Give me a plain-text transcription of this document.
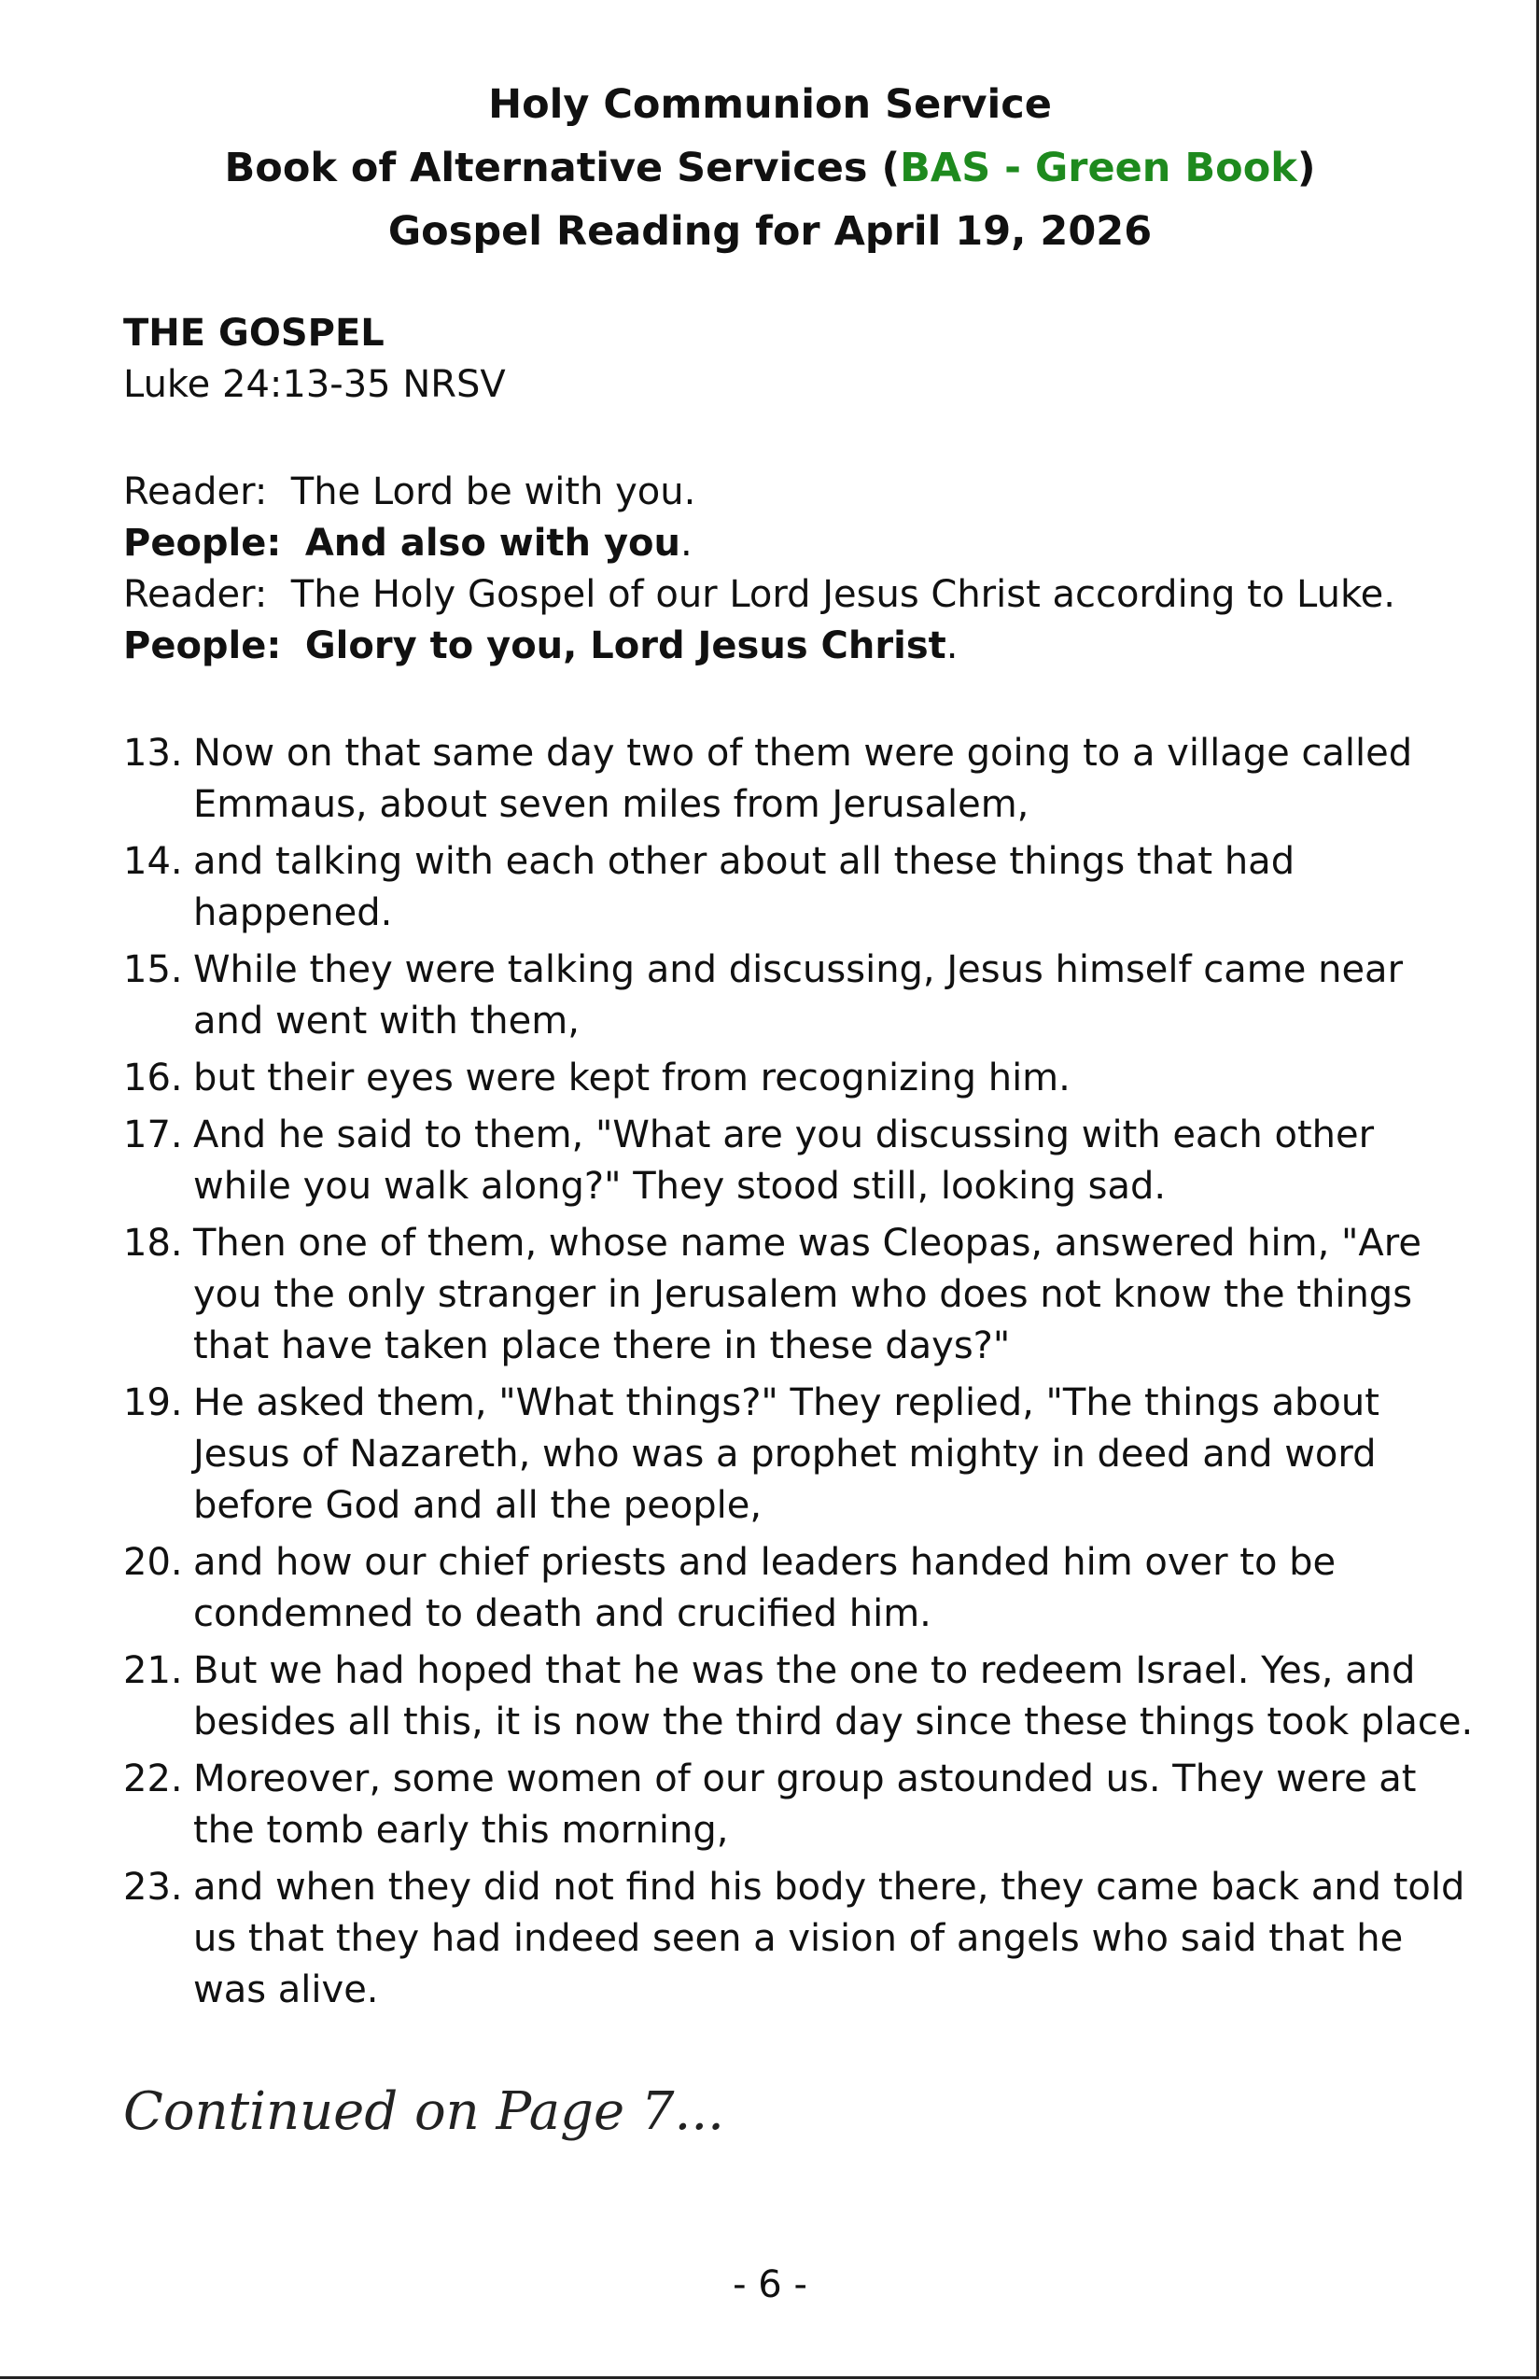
Holy Communion Service
Book of Alternative Services (BAS - Green Book)
Gospel Reading for April 19, 2026
THE GOSPEL
Luke 24:13-35 NRSV
Reader: The Lord be with you.
People: And also with you.
Reader: The Holy Gospel of our Lord Jesus Christ according to Luke.
People: Glory to you, Lord Jesus Christ.
13. Now on that same day two of them were going to a village called Emmaus, about seven miles from Jerusalem,
14. and talking with each other about all these things that had happened.
15. While they were talking and discussing, Jesus himself came near and went with them,
16. but their eyes were kept from recognizing him.
17. And he said to them, "What are you discussing with each other while you walk along?" They stood still, looking sad.
18. Then one of them, whose name was Cleopas, answered him, "Are you the only stranger in Jerusalem who does not know the things that have taken place there in these days?"
19. He asked them, "What things?" They replied, "The things about Jesus of Nazareth, who was a prophet mighty in deed and word before God and all the people,
20. and how our chief priests and leaders handed him over to be condemned to death and crucified him.
21. But we had hoped that he was the one to redeem Israel. Yes, and besides all this, it is now the third day since these things took place.
22. Moreover, some women of our group astounded us. They were at the tomb early this morning,
23. and when they did not find his body there, they came back and told us that they had indeed seen a vision of angels who said that he was alive.
Continued on Page 7...
- 6 -
